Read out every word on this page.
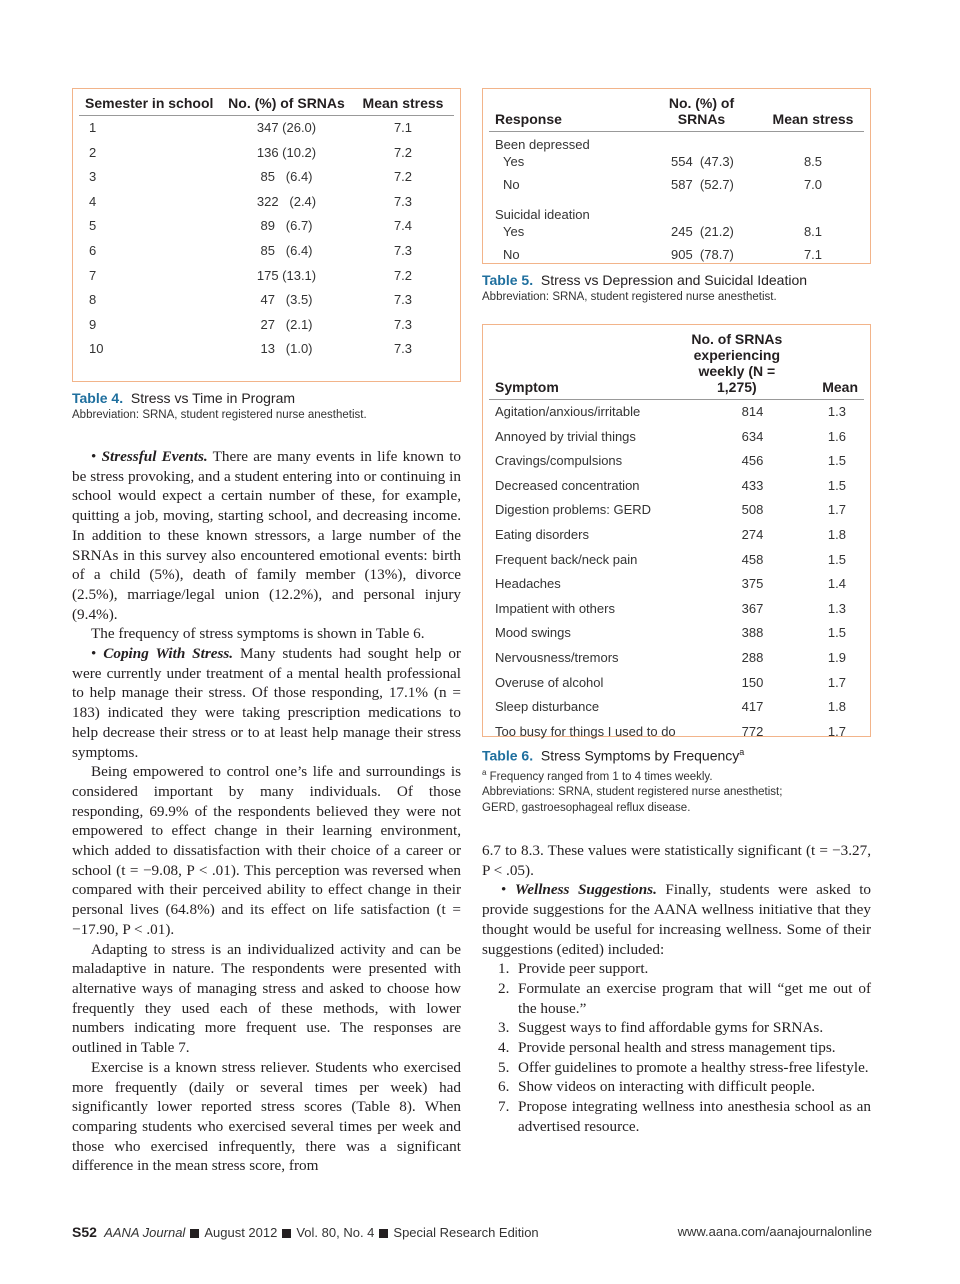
Semester in school	No. (%) of SRNAs	Mean stress
1	347 (26.0)	7.1
2	136 (10.2)	7.2
3	85   (6.4)	7.2
4	322   (2.4)	7.3
5	89   (6.7)	7.4
6	85   (6.4)	7.3
7	175 (13.1)	7.2
8	47   (3.5)	7.3
9	27   (2.1)	7.3
10	13   (1.0)	7.3
Table 4. Stress vs Time in Program
Abbreviation: SRNA, student registered nurse anesthetist.
Response	No. (%) of SRNAs	Mean stress
Been depressed		
Yes	554  (47.3)	8.5
No	587  (52.7)	7.0
Suicidal ideation		
Yes	245  (21.2)	8.1
No	905  (78.7)	7.1
Table 5. Stress vs Depression and Suicidal Ideation
Abbreviation: SRNA, student registered nurse anesthetist.
Symptom	No. of SRNAs experiencing weekly (N = 1,275)	Mean
Agitation/anxious/irritable	814	1.3
Annoyed by trivial things	634	1.6
Cravings/compulsions	456	1.5
Decreased concentration	433	1.5
Digestion problems: GERD	508	1.7
Eating disorders	274	1.8
Frequent back/neck pain	458	1.5
Headaches	375	1.4
Impatient with others	367	1.3
Mood swings	388	1.5
Nervousness/tremors	288	1.9
Overuse of alcohol	150	1.7
Sleep disturbance	417	1.8
Too busy for things I used to do	772	1.7
Table 6. Stress Symptoms by Frequency$^a$
$^a$ Frequency ranged from 1 to 4 times weekly.
Abbreviations: SRNA, student registered nurse anesthetist;
GERD, gastroesophageal reflux disease.

• Stressful Events. There are many events in life known to be stress provoking, and a student entering into or continuing in school would expect a certain number of these, for example, quitting a job, moving, starting school, and decreasing income. In addition to these known stressors, a large number of the SRNAs in this survey also encountered emotional events: birth of a child (5%), death of family member (13%), divorce (2.5%), marriage/legal union (12.2%), and personal injury (9.4%).

The frequency of stress symptoms is shown in Table 6.

• Coping With Stress. Many students had sought help or were currently under treatment of a mental health professional to help manage their stress. Of those responding, 17.1% (n = 183) indicated they were taking prescription medications to help decrease their stress or to at least help manage their stress symptoms.

Being empowered to control one’s life and surroundings is considered important by many individuals. Of those responding, 69.9% of the respondents believed they were not empowered to effect change in their learning environment, which added to dissatisfaction with their choice of a career or school (t = −9.08, P < .01). This perception was reversed when compared with their perceived ability to effect change in their personal lives (64.8%) and its effect on life satisfaction (t = −17.90, P < .01).

Adapting to stress is an individualized activity and can be maladaptive in nature. The respondents were presented with alternative ways of managing stress and asked to choose how frequently they used each of these methods, with lower numbers indicating more frequent use. The responses are outlined in Table 7.

Exercise is a known stress reliever. Students who exercised more frequently (daily or several times per week) had significantly lower reported stress scores (Table 8). When comparing students who exercised several times per week and those who exercised infrequently, there was a significant difference in the mean stress score, from

6.7 to 8.3. These values were statistically significant (t = −3.27, P < .05).

• Wellness Suggestions. Finally, students were asked to provide suggestions for the AANA wellness initiative that they thought would be useful for increasing wellness. Some of their suggestions (edited) included:

1. Provide peer support.
2. Formulate an exercise program that will “get me out of the house.”
3. Suggest ways to find affordable gyms for SRNAs.
4. Provide personal health and stress management tips.
5. Offer guidelines to promote a healthy stress-free lifestyle.
6. Show videos on interacting with difficult people.
7. Propose integrating wellness into anesthesia school as an advertised resource.
S52 AANA Journal August 2012 Vol. 80, No. 4 Special Research Edition	www.aana.com/aanajournalonline
